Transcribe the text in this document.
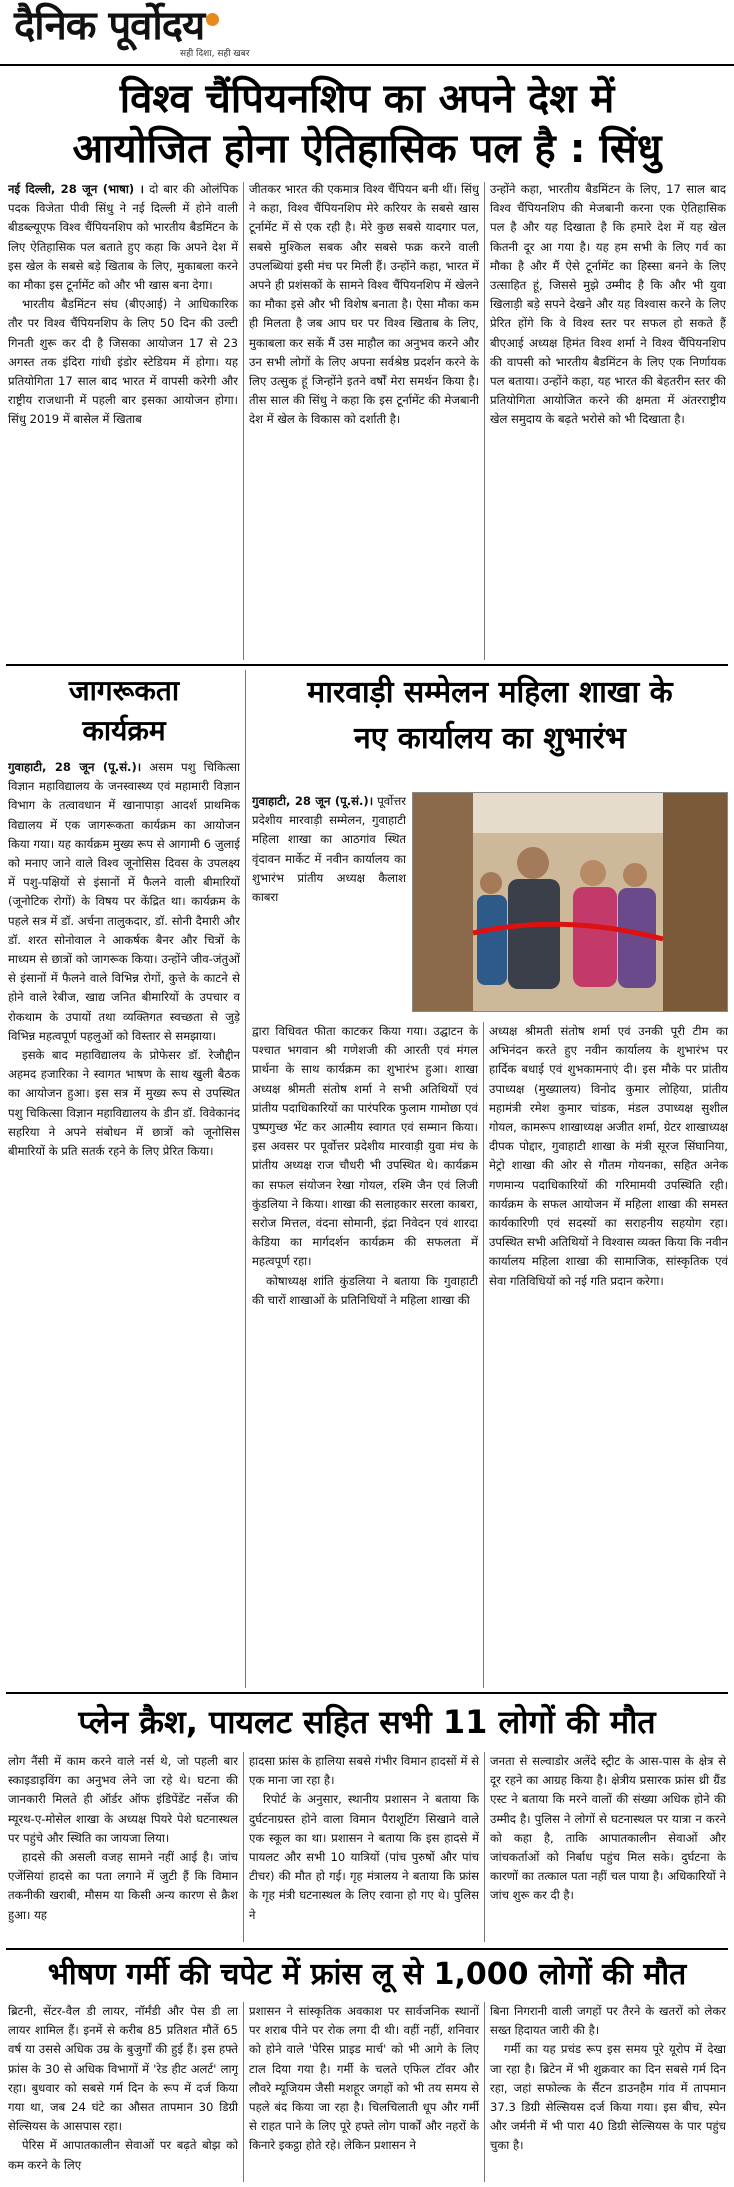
दैनिक पूर्वोदय
सही दिशा, सही खबर
विश्व चैंपियनशिप का अपने देश में
आयोजित होना ऐतिहासिक पल है : सिंधु

नई दिल्ली, 28 जून (भाषा) । दो बार की ओलंपिक पदक विजेता पीवी सिंधु ने नई दिल्ली में होने वाली बीडब्ल्यूएफ विश्व चैंपियनशिप को भारतीय बैडमिंटन के लिए ऐतिहासिक पल बताते हुए कहा कि अपने देश में इस खेल के सबसे बड़े खिताब के लिए, मुकाबला करने का मौका इस टूर्नामेंट को और भी खास बना देगा।

भारतीय बैडमिंटन संघ (बीएआई) ने आधिकारिक तौर पर विश्व चैंपियनशिप के लिए 50 दिन की उल्टी गिनती शुरू कर दी है जिसका आयोजन 17 से 23 अगस्त तक इंदिरा गांधी इंडोर स्टेडियम में होगा। यह प्रतियोगिता 17 साल बाद भारत में वापसी करेगी और राष्ट्रीय राजधानी में पहली बार इसका आयोजन होगा। सिंधु 2019 में बासेल में खिताब

जीतकर भारत की एकमात्र विश्व चैंपियन बनी थीं। सिंधु ने कहा, विश्व चैंपियनशिप मेरे करियर के सबसे खास टूर्नामेंट में से एक रही है। मेरे कुछ सबसे यादगार पल, सबसे मुश्किल सबक और सबसे फक्र करने वाली उपलब्धियां इसी मंच पर मिली हैं। उन्होंने कहा, भारत में अपने ही प्रशंसकों के सामने विश्व चैंपियनशिप में खेलने का मौका इसे और भी विशेष बनाता है। ऐसा मौका कम ही मिलता है जब आप घर पर विश्व खिताब के लिए, मुकाबला कर सकें मैं उस माहौल का अनुभव करने और उन सभी लोगों के लिए अपना सर्वश्रेष्ठ प्रदर्शन करने के लिए उत्सुक हूं जिन्होंने इतने वर्षों मेरा समर्थन किया है। तीस साल की सिंधु ने कहा कि इस टूर्नामेंट की मेजबानी देश में खेल के विकास को दर्शाती है।
उन्होंने कहा, भारतीय बैडमिंटन के लिए, 17 साल बाद विश्व चैंपियनशिप की मेजबानी करना एक ऐतिहासिक पल है और यह दिखाता है कि हमारे देश में यह खेल कितनी दूर आ गया है। यह हम सभी के लिए गर्व का मौका है और मैं ऐसे टूर्नामेंट का हिस्सा बनने के लिए उत्साहित हूं, जिससे मुझे उम्मीद है कि और भी युवा खिलाड़ी बड़े सपने देखने और यह विश्वास करने के लिए प्रेरित होंगे कि वे विश्व स्तर पर सफल हो सकते हैं बीएआई अध्यक्ष हिमंत विश्व शर्मा ने विश्व चैंपियनशिप की वापसी को भारतीय बैडमिंटन के लिए एक निर्णायक पल बताया। उन्होंने कहा, यह भारत की बेहतरीन स्तर की प्रतियोगिता आयोजित करने की क्षमता में अंतरराष्ट्रीय खेल समुदाय के बढ़ते भरोसे को भी दिखाता है।
जागरूकता
कार्यक्रम

गुवाहाटी, 28 जून (पू.सं.)। असम पशु चिकित्सा विज्ञान महाविद्यालय के जनस्वास्थ्य एवं महामारी विज्ञान विभाग के तत्वावधान में खानापाड़ा आदर्श प्राथमिक विद्यालय में एक जागरूकता कार्यक्रम का आयोजन किया गया। यह कार्यक्रम मुख्य रूप से आगामी 6 जुलाई को मनाए जाने वाले विश्व जूनोसिस दिवस के उपलक्ष्य में पशु-पक्षियों से इंसानों में फैलने वाली बीमारियों (जूनोटिक रोगों) के विषय पर केंद्रित था। कार्यक्रम के पहले सत्र में डॉ. अर्चना तालुकदार, डॉ. सोनी दैमारी और डॉ. शरत सोनोवाल ने आकर्षक बैनर और चित्रों के माध्यम से छात्रों को जागरूक किया। उन्होंने जीव-जंतुओं से इंसानों में फैलने वाले विभिन्न रोगों, कुत्ते के काटने से होने वाले रेबीज, खाद्य जनित बीमारियों के उपचार व रोकथाम के उपायों तथा व्यक्तिगत स्वच्छता से जुड़े विभिन्न महत्वपूर्ण पहलुओं को विस्तार से समझाया।

इसके बाद महाविद्यालय के प्रोफेसर डॉ. रेजौद्दीन अहमद हजारिका ने स्वागत भाषण के साथ खुली बैठक का आयोजन हुआ। इस सत्र में मुख्य रूप से उपस्थित पशु चिकित्सा विज्ञान महाविद्यालय के डीन डॉ. विवेकानंद सहरिया ने अपने संबोधन में छात्रों को जूनोसिस बीमारियों के प्रति सतर्क रहने के लिए प्रेरित किया।

मारवाड़ी सम्मेलन महिला शाखा के
नए कार्यालय का शुभारंभ

गुवाहाटी, 28 जून (पू.सं.)। पूर्वोत्तर प्रदेशीय मारवाड़ी सम्मेलन, गुवाहाटी महिला शाखा का आठगांव स्थित वृंदावन मार्केट में नवीन कार्यालय का शुभारंभ प्रांतीय अध्यक्ष कैलाश काबरा

द्वारा विधिवत फीता काटकर किया गया। उद्घाटन के पश्चात भगवान श्री गणेशजी की आरती एवं मंगल प्रार्थना के साथ कार्यक्रम का शुभारंभ हुआ। शाखा अध्यक्ष श्रीमती संतोष शर्मा ने सभी अतिथियों एवं प्रांतीय पदाधिकारियों का पारंपरिक फुलाम गामोछा एवं पुष्पगुच्छ भेंट कर आत्मीय स्वागत एवं सम्मान किया। इस अवसर पर पूर्वोत्तर प्रदेशीय मारवाड़ी युवा मंच के प्रांतीय अध्यक्ष राज चौधरी भी उपस्थित थे। कार्यक्रम का सफल संयोजन रेखा गोयल, रश्मि जैन एवं लिजी कुंडलिया ने किया। शाखा की सलाहकार सरला काबरा, सरोज मित्तल, वंदना सोमानी, इंद्रा निवेदन एवं शारदा केडिया का मार्गदर्शन कार्यक्रम की सफलता में महत्वपूर्ण रहा।

कोषाध्यक्ष शांति कुंडलिया ने बताया कि गुवाहाटी की चारों शाखाओं के प्रतिनिधियों ने महिला शाखा की

अध्यक्ष श्रीमती संतोष शर्मा एवं उनकी पूरी टीम का अभिनंदन करते हुए नवीन कार्यालय के शुभारंभ पर हार्दिक बधाई एवं शुभकामनाएं दी। इस मौके पर प्रांतीय उपाध्यक्ष (मुख्यालय) विनोद कुमार लोहिया, प्रांतीय महामंत्री रमेश कुमार चांडक, मंडल उपाध्यक्ष सुशील गोयल, कामरूप शाखाध्यक्ष अजीत शर्मा, ग्रेटर शाखाध्यक्ष दीपक पोद्दार, गुवाहाटी शाखा के मंत्री सूरज सिंघानिया, मेट्रो शाखा की ओर से गौतम गोयनका, सहित अनेक गणमान्य पदाधिकारियों की गरिमामयी उपस्थिति रही। कार्यक्रम के सफल आयोजन में महिला शाखा की समस्त कार्यकारिणी एवं सदस्यों का सराहनीय सहयोग रहा। उपस्थित सभी अतिथियों ने विश्वास व्यक्त किया कि नवीन कार्यालय महिला शाखा की सामाजिक, सांस्कृतिक एवं सेवा गतिविधियों को नई गति प्रदान करेगा।
प्लेन क्रैश, पायलट सहित सभी 11 लोगों की मौत

लोग नैंसी में काम करने वाले नर्स थे, जो पहली बार स्काइडाइविंग का अनुभव लेने जा रहे थे। घटना की जानकारी मिलते ही ऑर्डर ऑफ इंडिपेंडेंट नर्सेज की म्यूरथ-ए-मोसेल शाखा के अध्यक्ष पियरे पेशे घटनास्थल पर पहुंचे और स्थिति का जायजा लिया।

हादसे की असली वजह सामने नहीं आई है। जांच एजेंसियां हादसे का पता लगाने में जुटी हैं कि विमान तकनीकी खराबी, मौसम या किसी अन्य कारण से क्रैश हुआ। यह

हादसा फ्रांस के हालिया सबसे गंभीर विमान हादसों में से एक माना जा रहा है।

रिपोर्ट के अनुसार, स्थानीय प्रशासन ने बताया कि दुर्घटनाग्रस्त होने वाला विमान पैराशूटिंग सिखाने वाले एक स्कूल का था। प्रशासन ने बताया कि इस हादसे में पायलट और सभी 10 यात्रियों (पांच पुरुषों और पांच टीचर) की मौत हो गई। गृह मंत्रालय ने बताया कि फ्रांस के गृह मंत्री घटनास्थल के लिए रवाना हो गए थे। पुलिस ने

जनता से सल्वाडोर अलेंदे स्ट्रीट के आस-पास के क्षेत्र से दूर रहने का आग्रह किया है। क्षेत्रीय प्रसारक फ्रांस थ्री ग्रैंड एस्ट ने बताया कि मरने वालों की संख्या अधिक होने की उम्मीद है। पुलिस ने लोगों से घटनास्थल पर यात्रा न करने को कहा है, ताकि आपातकालीन सेवाओं और जांचकर्ताओं को निर्बाध पहुंच मिल सके। दुर्घटना के कारणों का तत्काल पता नहीं चल पाया है। अधिकारियों ने जांच शुरू कर दी है।
भीषण गर्मी की चपेट में फ्रांस लू से 1,000 लोगों की मौत

ब्रिटनी, सेंटर-वैल डी लायर, नॉर्मंडी और पेस डी ला लायर शामिल हैं। इनमें से करीब 85 प्रतिशत मौतें 65 वर्ष या उससे अधिक उम्र के बुजुर्गों की हुई हैं। इस हफ्ते फ्रांस के 30 से अधिक विभागों में 'रेड हीट अलर्ट' लागू रहा। बुधवार को सबसे गर्म दिन के रूप में दर्ज किया गया था, जब 24 घंटे का औसत तापमान 30 डिग्री सेल्सियस के आसपास रहा।

पेरिस में आपातकालीन सेवाओं पर बढ़ते बोझ को कम करने के लिए

प्रशासन ने सांस्कृतिक अवकाश पर सार्वजनिक स्थानों पर शराब पीने पर रोक लगा दी थी। वहीं नहीं, शनिवार को होने वाले 'पेरिस प्राइड मार्च' को भी आगे के लिए टाल दिया गया है। गर्मी के चलते एफिल टॉवर और लौवरे म्यूजियम जैसी मशहूर जगहों को भी तय समय से पहले बंद किया जा रहा है। चिलचिलाती धूप और गर्मी से राहत पाने के लिए पूरे हफ्ते लोग पार्कों और नहरों के किनारे इकट्ठा होते रहे। लेकिन प्रशासन ने

बिना निगरानी वाली जगहों पर तैरने के खतरों को लेकर सख्त हिदायत जारी की है।

गर्मी का यह प्रचंड रूप इस समय पूरे यूरोप में देखा जा रहा है। ब्रिटेन में भी शुक्रवार का दिन सबसे गर्म दिन रहा, जहां सफोल्क के सैंटन डाउनहैम गांव में तापमान 37.3 डिग्री सेल्सियस दर्ज किया गया। इस बीच, स्पेन और जर्मनी में भी पारा 40 डिग्री सेल्सियस के पार पहुंच चुका है।
